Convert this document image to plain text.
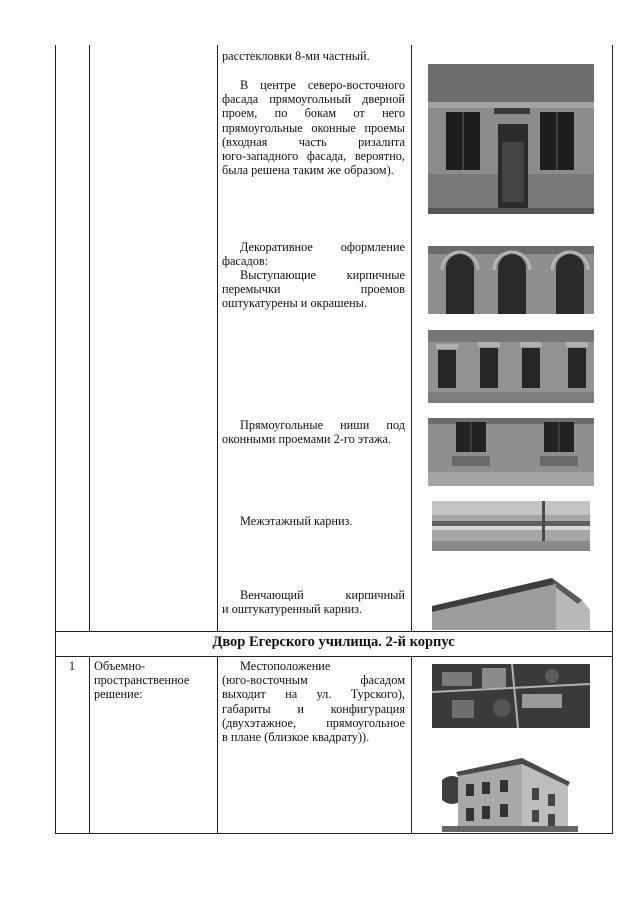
расстекловки 8-ми частный.
В центре северо-восточного
фасада прямоугольный дверной
проем, по бокам от него
прямоугольные оконные проемы
(входная часть ризалита
юго-западного фасада, вероятно,
была решена таким же образом).
Декоративное оформление
фасадов:
Выступающие кирпичные
перемычки проемов
оштукатурены и окрашены.
Прямоугольные ниши под
оконными проемами 2-го этажа.
Межэтажный карниз.
Венчающий кирпичный
и оштукатуренный карниз.
Двор Егерского училища. 2-й корпус
1	Объемно-
пространственное
решение:
Местоположение
(юго-восточным фасадом
выходит на ул. Турского),
габариты и конфигурация
(двухэтажное, прямоугольное
в плане (близкое квадрату)).
